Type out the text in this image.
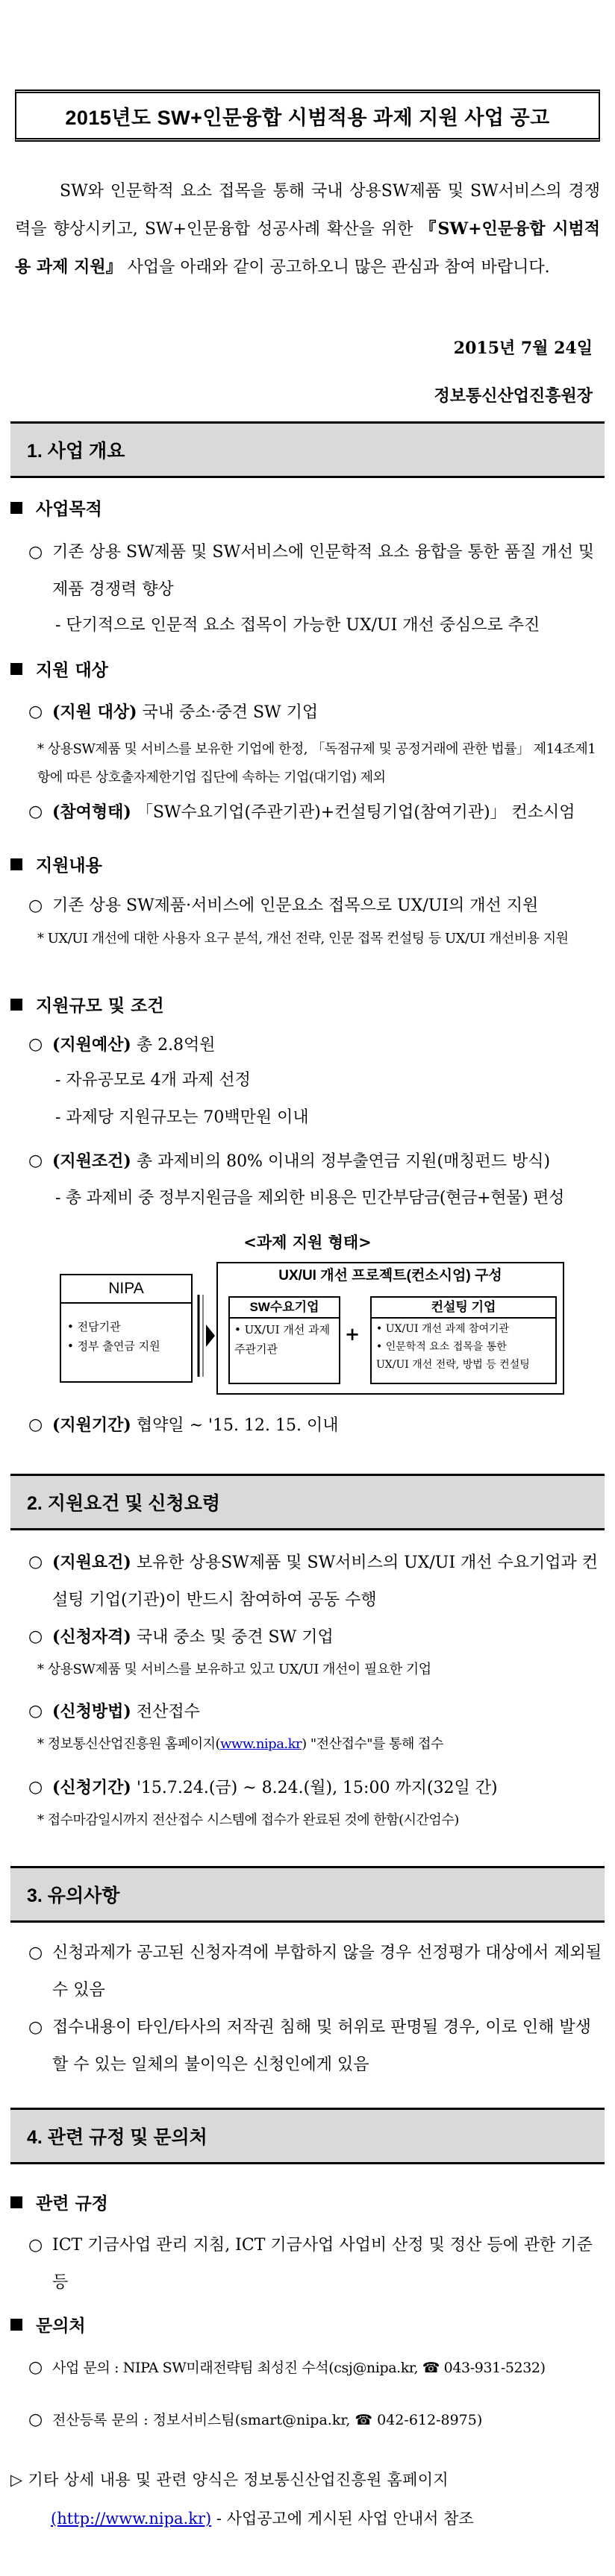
2015년도 SW+인문융합 시범적용 과제 지원 사업 공고
SW와 인문학적 요소 접목을 통해 국내 상용SW제품 및 SW서비스의 경쟁력을 향상시키고, SW+인문융합 성공사례 확산을 위한 『SW+인문융합 시범적용 과제 지원』 사업을 아래와 같이 공고하오니 많은 관심과 참여 바랍니다.
2015년 7월 24일
정보통신산업진흥원장
1. 사업 개요
사업목적
○ 기존 상용 SW제품 및 SW서비스에 인문학적 요소 융합을 통한 품질 개선 및 제품 경쟁력 향상
- 단기적으로 인문적 요소 접목이 가능한 UX/UI 개선 중심으로 추진
지원 대상
○ (지원 대상) 국내 중소·중견 SW 기업
* 상용SW제품 및 서비스를 보유한 기업에 한정, 「독점규제 및 공정거래에 관한 법률」 제14조제1항에 따른 상호출자제한기업 집단에 속하는 기업(대기업) 제외
○ (참여형태) 「SW수요기업(주관기관)+컨설팅기업(참여기관)」 컨소시엄
지원내용
○ 기존 상용 SW제품·서비스에 인문요소 접목으로 UX/UI의 개선 지원
* UX/UI 개선에 대한 사용자 요구 분석, 개선 전략, 인문 접목 컨설팅 등 UX/UI 개선비용 지원
지원규모 및 조건
○ (지원예산) 총 2.8억원
- 자유공모로 4개 과제 선정
- 과제당 지원규모는 70백만원 이내
○ (지원조건) 총 과제비의 80% 이내의 정부출연금 지원(매칭펀드 방식)
- 총 과제비 중 정부지원금을 제외한 비용은 민간부담금(현금+현물) 편성
<과제 지원 형태>
NIPA
• 전담기관
• 정부 출연금 지원
UX/UI 개선 프로젝트(컨소시엄) 구성
SW수요기업
• UX/UI 개선 과제
주관기관
+
컨설팅 기업
• UX/UI 개선 과제 참여기관
• 인문학적 요소 접목을 통한
UX/UI 개선 전략, 방법 등 컨설팅
○ (지원기간) 협약일 ~ '15. 12. 15. 이내
2. 지원요건 및 신청요령
○ (지원요건) 보유한 상용SW제품 및 SW서비스의 UX/UI 개선 수요기업과 컨설팅 기업(기관)이 반드시 참여하여 공동 수행
○ (신청자격) 국내 중소 및 중견 SW 기업
* 상용SW제품 및 서비스를 보유하고 있고 UX/UI 개선이 필요한 기업
○ (신청방법) 전산접수
* 정보통신산업진흥원 홈페이지(www.nipa.kr) "전산접수"를 통해 접수
○ (신청기간) '15.7.24.(금) ~ 8.24.(월), 15:00 까지(32일 간)
* 접수마감일시까지 전산접수 시스템에 접수가 완료된 것에 한함(시간엄수)
3. 유의사항
○ 신청과제가 공고된 신청자격에 부합하지 않을 경우 선정평가 대상에서 제외될 수 있음
○ 접수내용이 타인/타사의 저작권 침해 및 허위로 판명될 경우, 이로 인해 발생할 수 있는 일체의 불이익은 신청인에게 있음
4. 관련 규정 및 문의처
관련 규정
○ ICT 기금사업 관리 지침, ICT 기금사업 사업비 산정 및 정산 등에 관한 기준 등
문의처
○ 사업 문의 : NIPA SW미래전략팀 최성진 수석(csj@nipa.kr, ☎ 043-931-5232)
○ 전산등록 문의 : 정보서비스팀(smart@nipa.kr, ☎ 042-612-8975)
▷ 기타 상세 내용 및 관련 양식은 정보통신산업진흥원 홈페이지
(http://www.nipa.kr) - 사업공고에 게시된 사업 안내서 참조
